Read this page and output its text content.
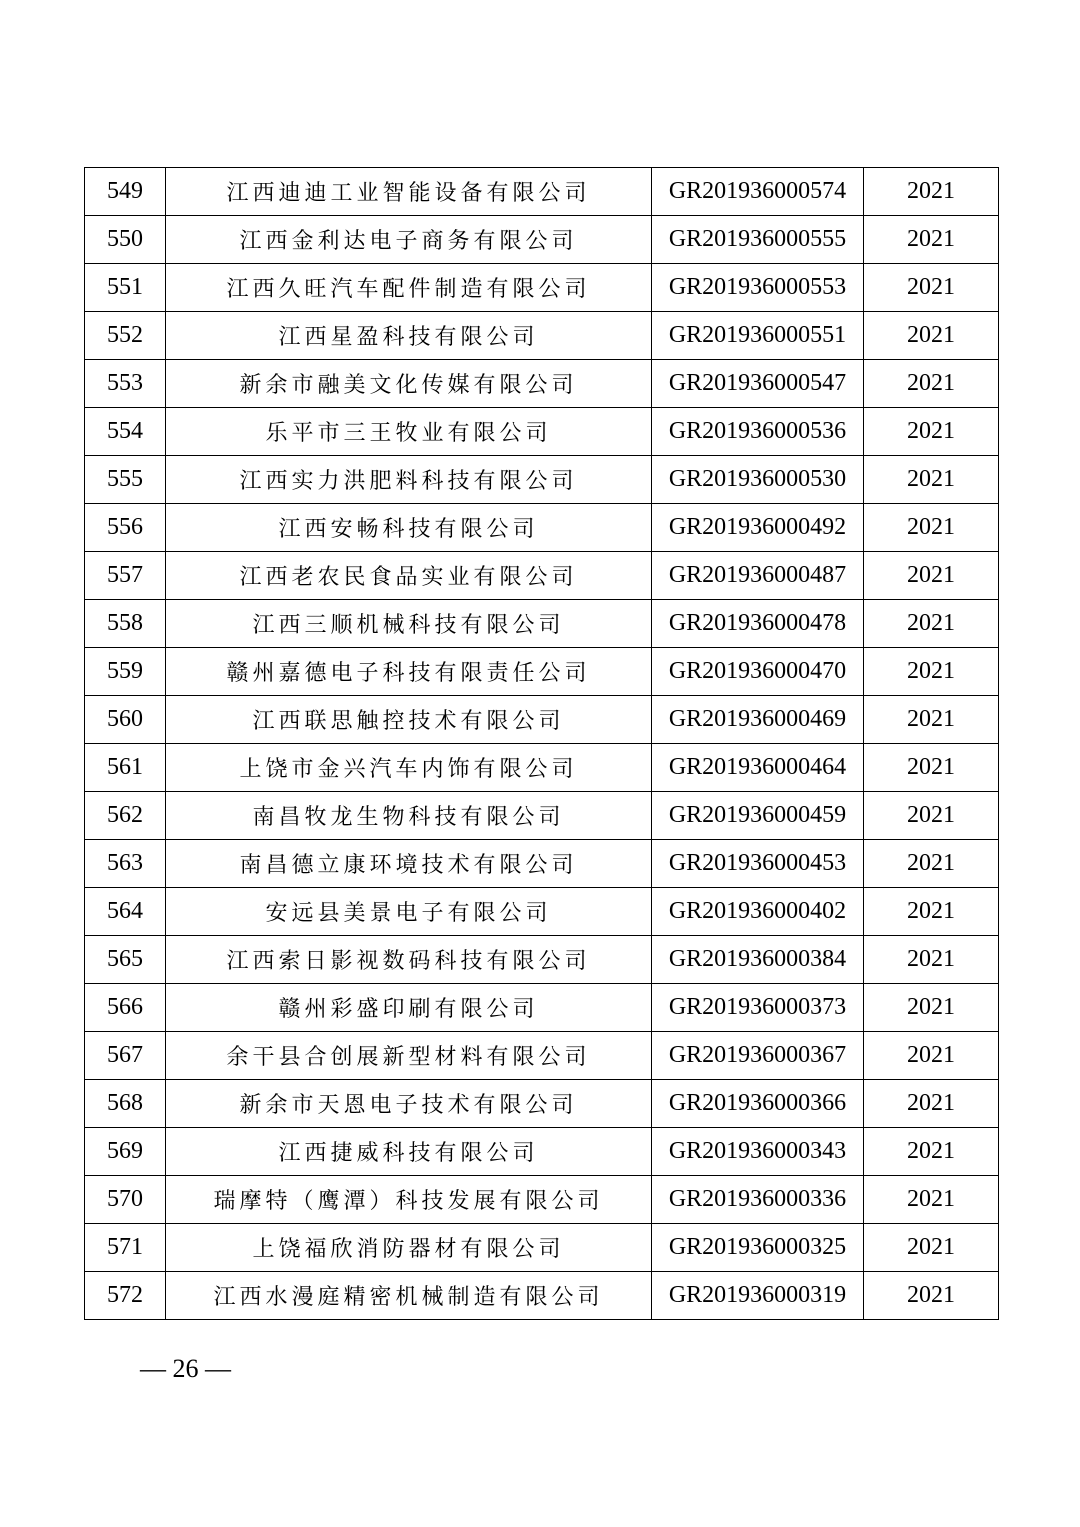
549	江西迪迪工业智能设备有限公司	GR201936000574	2021
550	江西金利达电子商务有限公司	GR201936000555	2021
551	江西久旺汽车配件制造有限公司	GR201936000553	2021
552	江西星盈科技有限公司	GR201936000551	2021
553	新余市融美文化传媒有限公司	GR201936000547	2021
554	乐平市三王牧业有限公司	GR201936000536	2021
555	江西实力洪肥料科技有限公司	GR201936000530	2021
556	江西安畅科技有限公司	GR201936000492	2021
557	江西老农民食品实业有限公司	GR201936000487	2021
558	江西三顺机械科技有限公司	GR201936000478	2021
559	赣州嘉德电子科技有限责任公司	GR201936000470	2021
560	江西联思触控技术有限公司	GR201936000469	2021
561	上饶市金兴汽车内饰有限公司	GR201936000464	2021
562	南昌牧龙生物科技有限公司	GR201936000459	2021
563	南昌德立康环境技术有限公司	GR201936000453	2021
564	安远县美景电子有限公司	GR201936000402	2021
565	江西索日影视数码科技有限公司	GR201936000384	2021
566	赣州彩盛印刷有限公司	GR201936000373	2021
567	余干县合创展新型材料有限公司	GR201936000367	2021
568	新余市天恩电子技术有限公司	GR201936000366	2021
569	江西捷威科技有限公司	GR201936000343	2021
570	瑞摩特（鹰潭）科技发展有限公司	GR201936000336	2021
571	上饶福欣消防器材有限公司	GR201936000325	2021
572	江西水漫庭精密机械制造有限公司	GR201936000319	2021
— 26 —
